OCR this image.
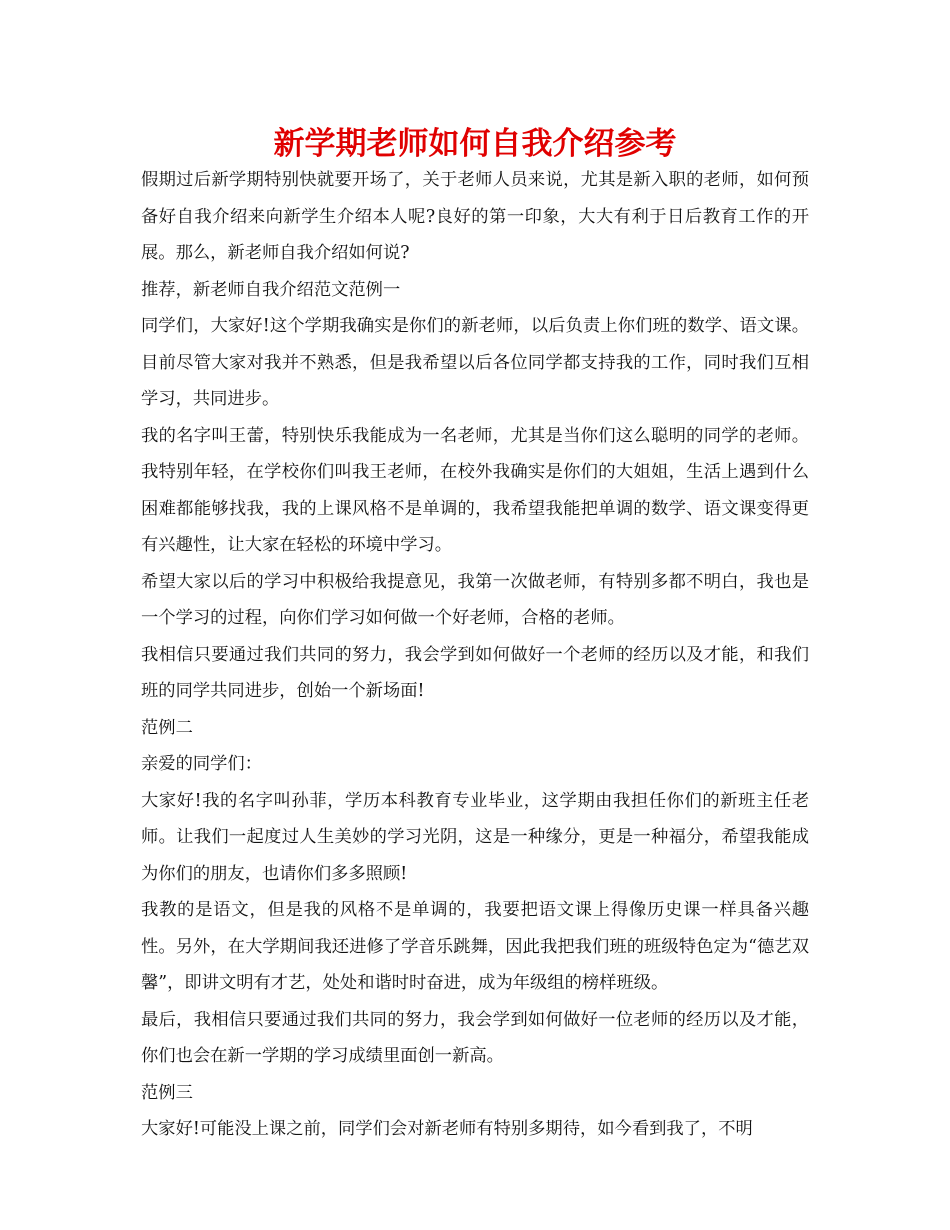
新学期老师如何自我介绍参考

假期过后新学期特别快就要开场了，关于老师人员来说，尤其是新入职的老师，如何预备好自我介绍来向新学生介绍本人呢?良好的第一印象，大大有利于日后教育工作的开展。那么，新老师自我介绍如何说?

推荐，新老师自我介绍范文范例一

同学们，大家好!这个学期我确实是你们的新老师，以后负责上你们班的数学、语文课。目前尽管大家对我并不熟悉，但是我希望以后各位同学都支持我的工作，同时我们互相学习，共同进步。

我的名字叫王蕾，特别快乐我能成为一名老师，尤其是当你们这么聪明的同学的老师。我特别年轻，在学校你们叫我王老师，在校外我确实是你们的大姐姐，生活上遇到什么困难都能够找我，我的上课风格不是单调的，我希望我能把单调的数学、语文课变得更有兴趣性，让大家在轻松的环境中学习。

希望大家以后的学习中积极给我提意见，我第一次做老师，有特别多都不明白，我也是一个学习的过程，向你们学习如何做一个好老师，合格的老师。

我相信只要通过我们共同的努力，我会学到如何做好一个老师的经历以及才能，和我们班的同学共同进步，创始一个新场面!

范例二

亲爱的同学们：

大家好!我的名字叫孙菲，学历本科教育专业毕业，这学期由我担任你们的新班主任老师。让我们一起度过人生美妙的学习光阴，这是一种缘分，更是一种福分，希望我能成为你们的朋友，也请你们多多照顾!

我教的是语文，但是我的风格不是单调的，我要把语文课上得像历史课一样具备兴趣性。另外，在大学期间我还进修了学音乐跳舞，因此我把我们班的班级特色定为“德艺双馨”，即讲文明有才艺，处处和谐时时奋进，成为年级组的榜样班级。

最后，我相信只要通过我们共同的努力，我会学到如何做好一位老师的经历以及才能，你们也会在新一学期的学习成绩里面创一新高。

范例三

大家好!可能没上课之前，同学们会对新老师有特别多期待，如今看到我了，不明
